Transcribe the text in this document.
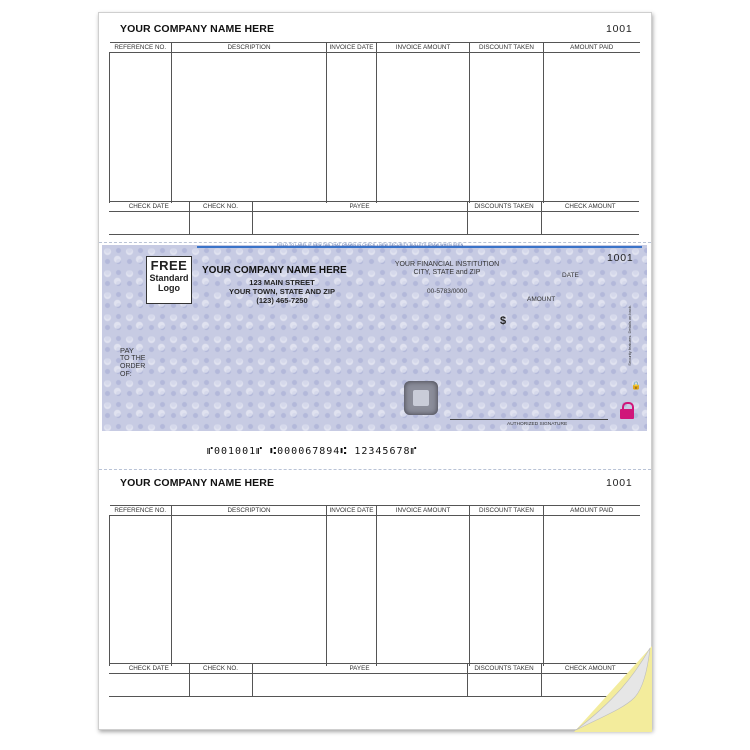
YOUR COMPANY NAME HERE	1001
REFERENCE NO.	DESCRIPTION	INVOICE DATE	INVOICE AMOUNT	DISCOUNT TAKEN	AMOUNT PAID

CHECK DATE	CHECK NO.	PAYEE	DISCOUNTS TAKEN	CHECK AMOUNT

FIELD TO LABEL IF NEW TAB THAT DRAWN IN CHECK • NEW SECURITY BULLETS DRAW WHEN SEEN
FREE
Standard
Logo
YOUR COMPANY NAME HERE
123 MAIN STREET
YOUR TOWN, STATE AND ZIP
(123) 465-7250
YOUR FINANCIAL INSTITUTION
CITY, STATE and ZIP
00-5783/0000
1001
DATE
AMOUNT
$
PAY
TO THE
ORDER
OF:
Security features. Details on back.
🔒
AUTHORIZED SIGNATURE
⑈001001⑈ ⑆000067894⑆ 12345678⑈
YOUR COMPANY NAME HERE	1001
REFERENCE NO.	DESCRIPTION	INVOICE DATE	INVOICE AMOUNT	DISCOUNT TAKEN	AMOUNT PAID

CHECK DATE	CHECK NO.	PAYEE	DISCOUNTS TAKEN	CHECK AMOUNT
